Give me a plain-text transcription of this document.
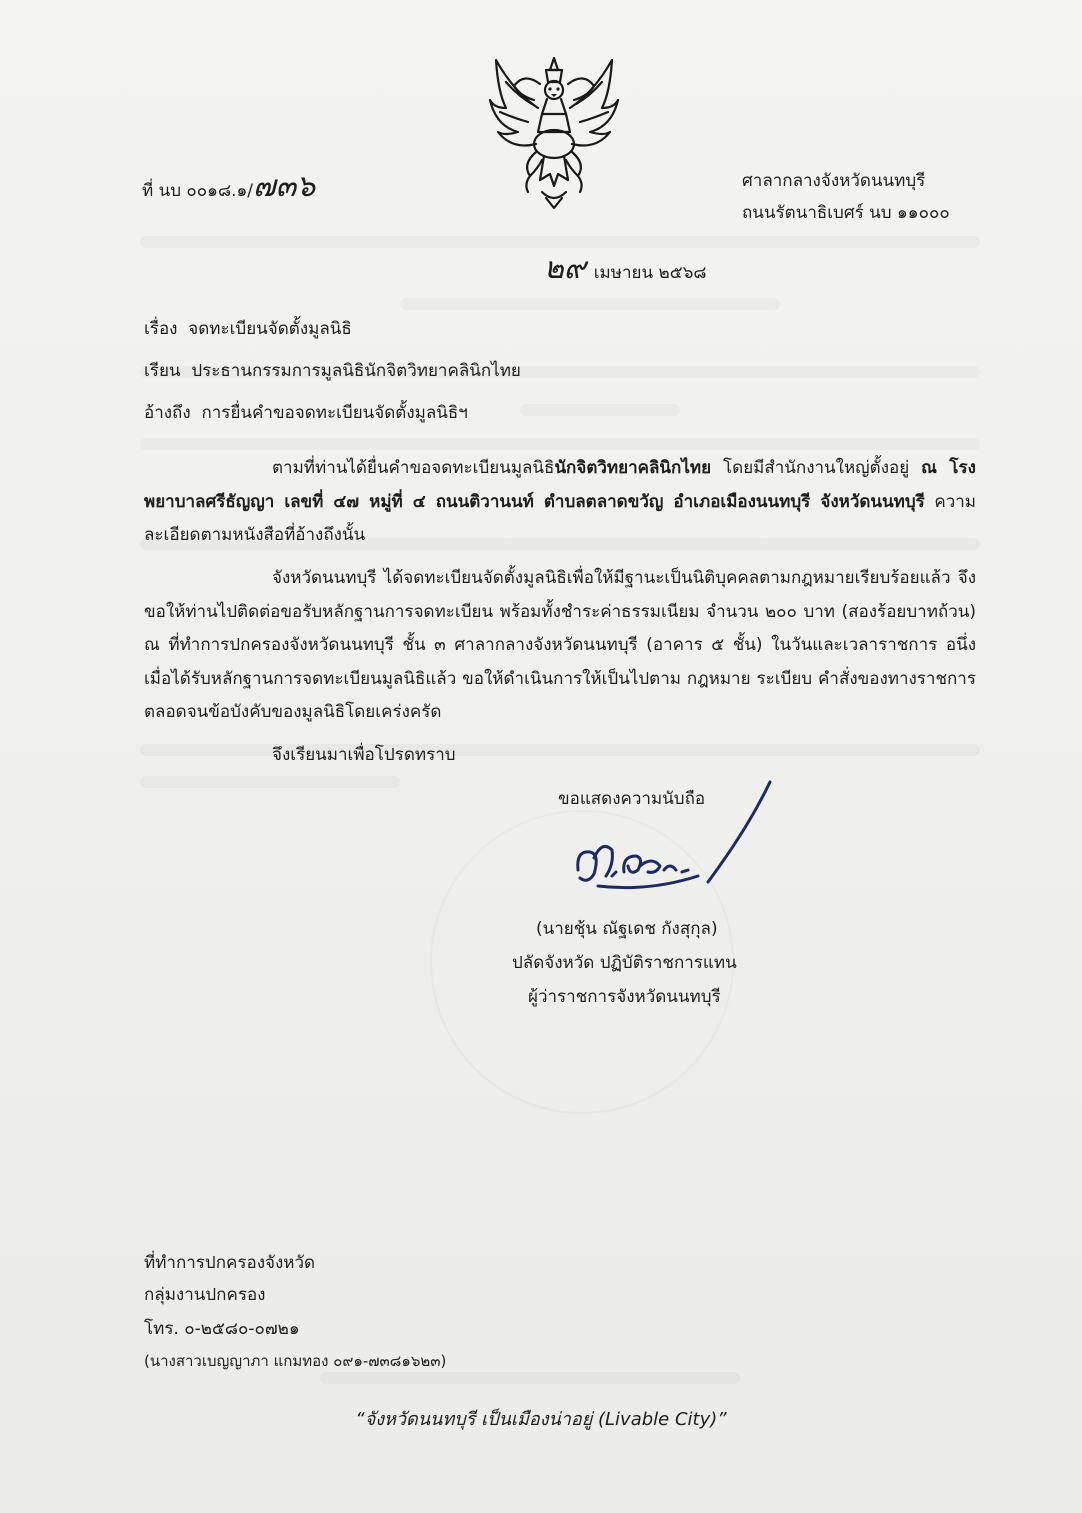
ที่ นบ ๐๐๑๘.๑/๗๓๖	ศาลากลางจังหวัดนนทบุรี
ถนนรัตนาธิเบศร์ นบ ๑๑๐๐๐
๒๙ เมษายน ๒๕๖๘
เรื่อง จดทะเบียนจัดตั้งมูลนิธิ
เรียน ประธานกรรมการมูลนิธินักจิตวิทยาคลินิกไทย
อ้างถึง การยื่นคำขอจดทะเบียนจัดตั้งมูลนิธิฯ

ตามที่ท่านได้ยื่นคำขอจดทะเบียนมูลนิธินักจิตวิทยาคลินิกไทย โดยมีสำนักงานใหญ่ตั้งอยู่ ณ โรงพยาบาลศรีธัญญา เลขที่ ๔๗ หมู่ที่ ๔ ถนนติวานนท์ ตำบลตลาดขวัญ อำเภอเมืองนนทบุรี จังหวัดนนทบุรี ความละเอียดตามหนังสือที่อ้างถึงนั้น

จังหวัดนนทบุรี ได้จดทะเบียนจัดตั้งมูลนิธิเพื่อให้มีฐานะเป็นนิติบุคคลตามกฎหมายเรียบร้อยแล้ว จึงขอให้ท่านไปติดต่อขอรับหลักฐานการจดทะเบียน พร้อมทั้งชำระค่าธรรมเนียม จำนวน ๒๐๐ บาท (สองร้อยบาทถ้วน) ณ ที่ทำการปกครองจังหวัดนนทบุรี ชั้น ๓ ศาลากลางจังหวัดนนทบุรี (อาคาร ๕ ชั้น) ในวันและเวลาราชการ อนึ่ง เมื่อได้รับหลักฐานการจดทะเบียนมูลนิธิแล้ว ขอให้ดำเนินการให้เป็นไปตาม กฎหมาย ระเบียบ คำสั่งของทางราชการ ตลอดจนข้อบังคับของมูลนิธิโดยเคร่งครัด

จึงเรียนมาเพื่อโปรดทราบ
ขอแสดงความนับถือ
(นายชุ้น ณัฐเดช กังสุกุล)
ปลัดจังหวัด ปฏิบัติราชการแทน
ผู้ว่าราชการจังหวัดนนทบุรี
ที่ทำการปกครองจังหวัด
กลุ่มงานปกครอง
โทร. ๐-๒๕๘๐-๐๗๒๑
(นางสาวเบญญาภา แกมทอง ๐๙๑-๗๓๘๑๖๒๓)
“จังหวัดนนทบุรี เป็นเมืองน่าอยู่ (Livable City)”
